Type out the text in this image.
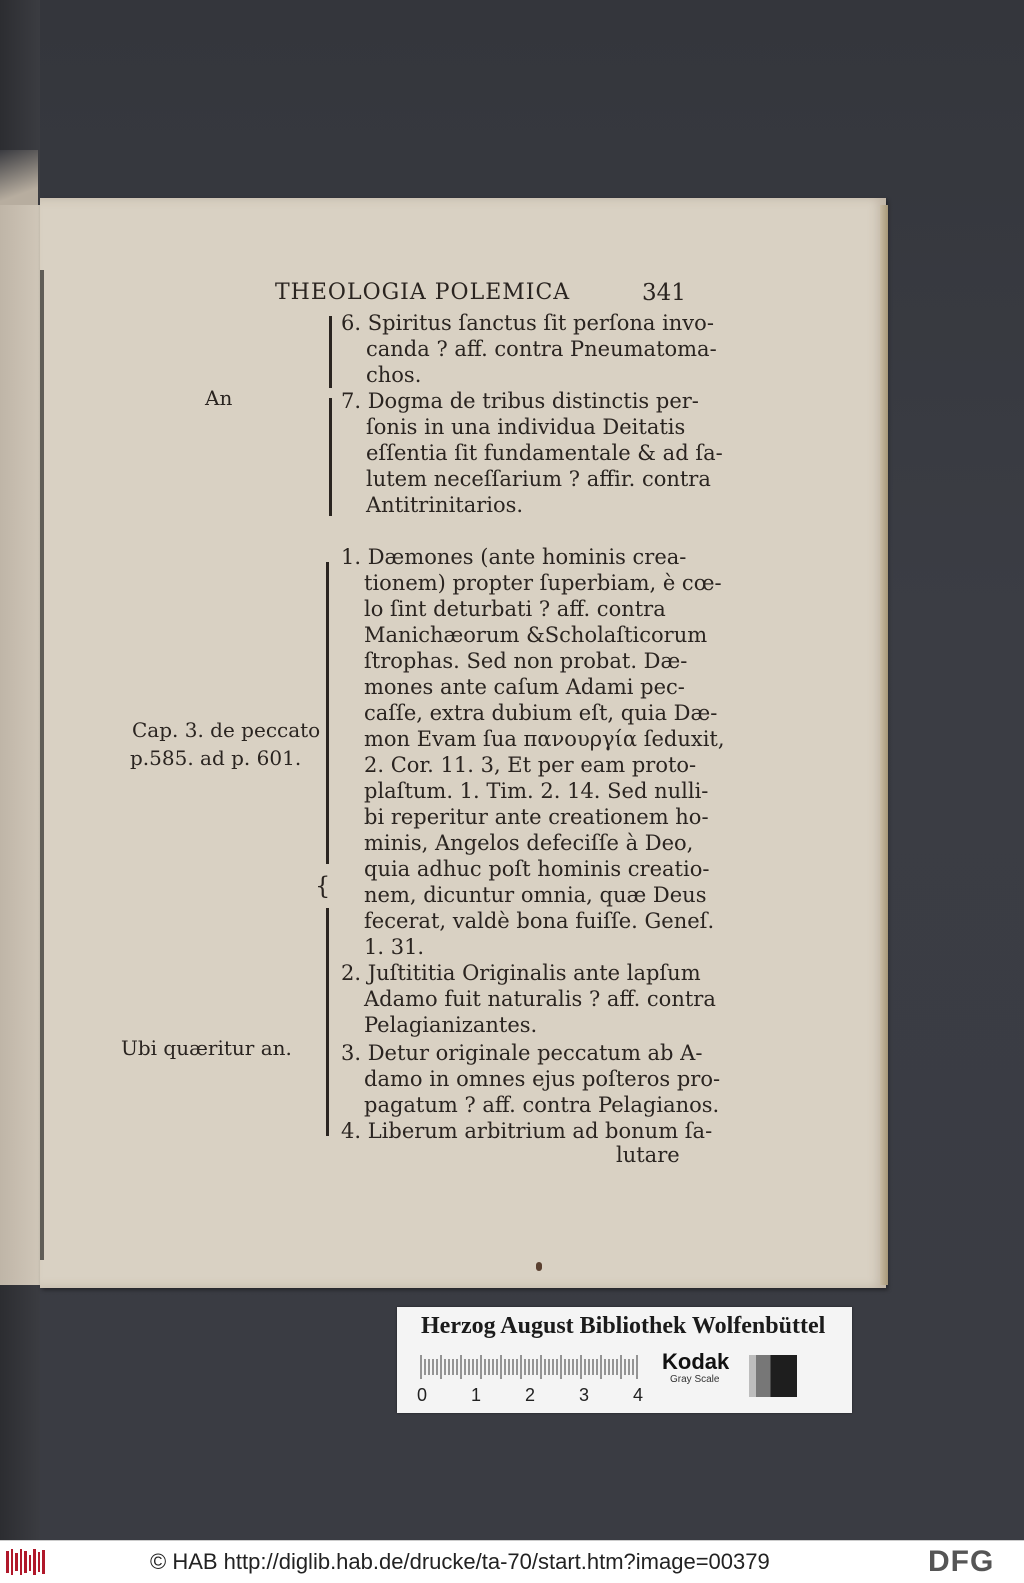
THEOLOGIA POLEMICA	341
An
Cap. 3. de peccato
p.585. ad p. 601.
Ubi quæritur an.
{
6. Spiritus ſanctus ſit perſona invo-
canda ? aff. contra Pneumatoma-
chos.
7. Dogma de tribus distinctis per-
ſonis in una individua Deitatis
eſſentia ſit fundamentale & ad ſa-
lutem neceſſarium ? affir. contra
Antitrinitarios.
1. Dæmones (ante hominis crea-
tionem) propter ſuperbiam, è cœ-
lo ſint deturbati ? aff. contra
Manichæorum &Scholaſticorum
ſtrophas. Sed non probat. Dæ-
mones ante caſum Adami pec-
caſſe, extra dubium eſt, quia Dæ-
mon Evam ſua πανουργία ſeduxit,
2. Cor. 11. 3, Et per eam proto-
plaſtum. 1. Tim. 2. 14. Sed nulli-
bi reperitur ante creationem ho-
minis, Angelos defeciſſe à Deo,
quia adhuc poſt hominis creatio-
nem, dicuntur omnia, quæ Deus
fecerat, valdè bona fuiſſe. Geneſ.
1. 31.
2. Juſtititia Originalis ante lapſum
Adamo fuit naturalis ? aff. contra
Pelagianizantes.
3. Detur originale peccatum ab A-
damo in omnes ejus poſteros pro-
pagatum ? aff. contra Pelagianos.
4. Liberum arbitrium ad bonum ſa-
lutare
Herzog August Bibliothek Wolfenbüttel
0 1 2 3 4
Kodak
Gray Scale
© HAB http://diglib.hab.de/drucke/ta-70/start.htm?image=00379	DFG
